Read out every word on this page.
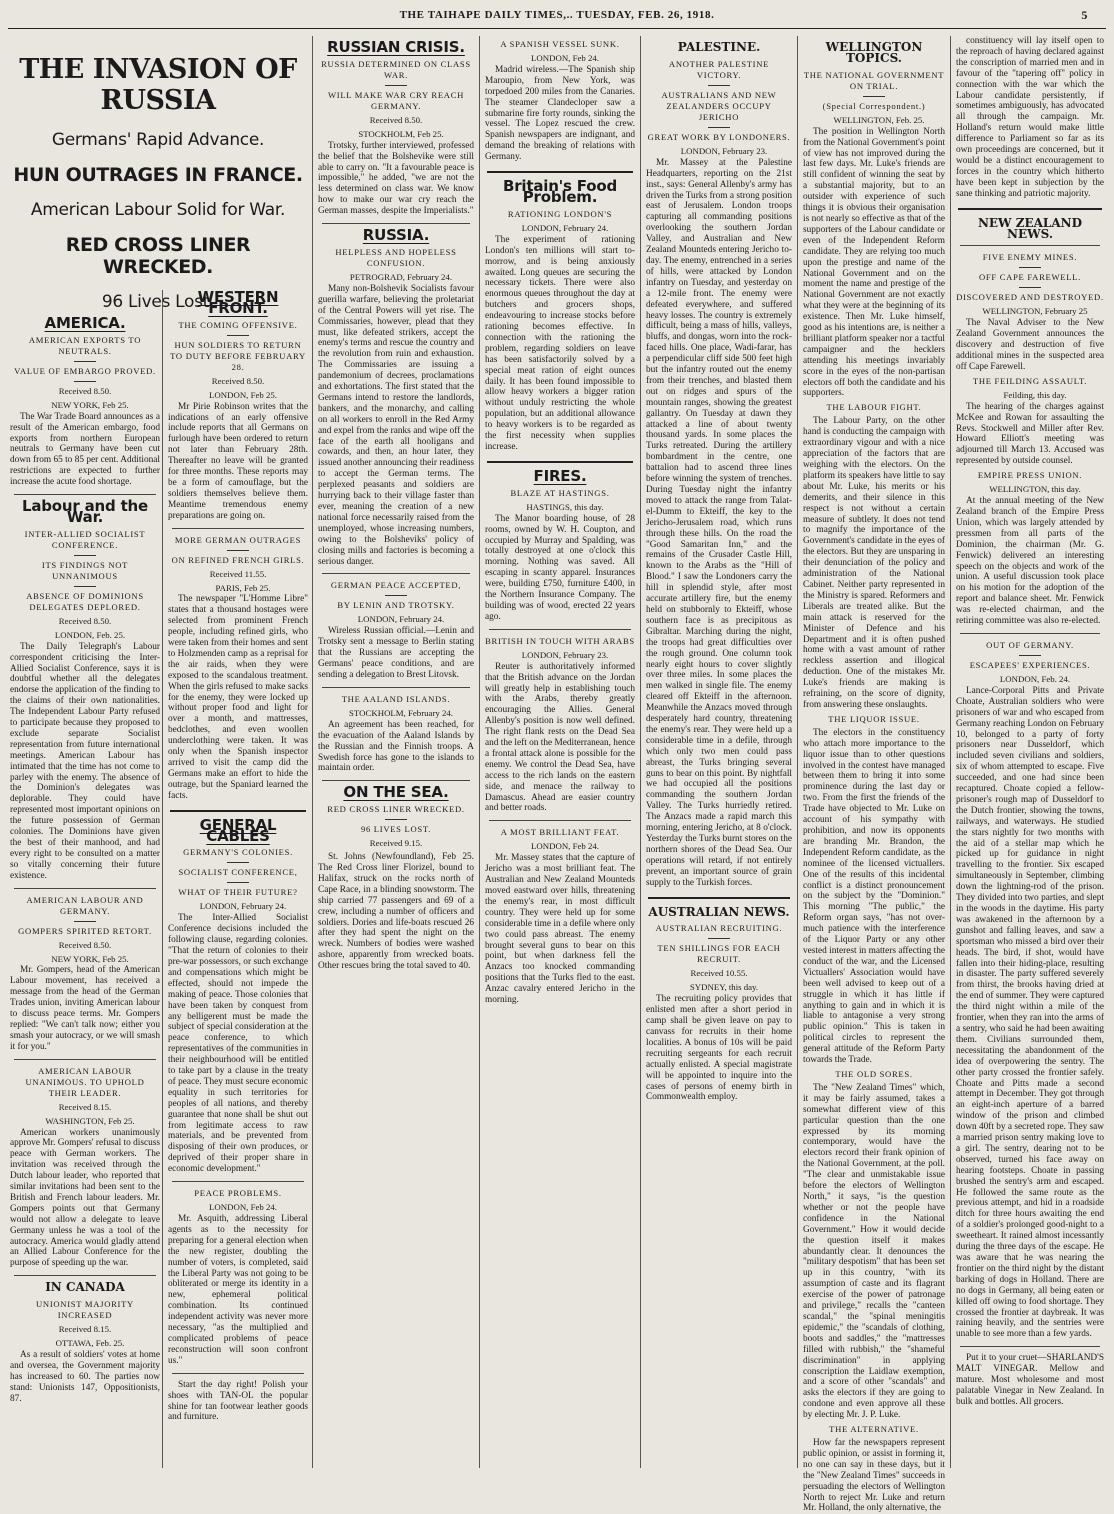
THE TAIHAPE DAILY TIMES,.. TUESDAY, FEB. 26, 1918.	5
AMERICA.
AMERICAN EXPORTS TO NEUTRALS.
VALUE OF EMBARGO PROVED.
Received 8.50.
NEW YORK, Feb 25.

The War Trade Board announces as a result of the American embargo, food exports from northern European neutrals to Germany have been cut down from 65 to 85 per cent. Additional restrictions are expected to further increase the acute food shortage.

Labour and the War.
INTER-ALLIED SOCIALIST CONFERENCE.
ITS FINDINGS NOT UNNANIMOUS
ABSENCE OF DOMINIONS DELEGATES DEPLORED.
Received 8.50.
LONDON, Feb. 25.

The Daily Telegraph's Labour correspondent criticising the Inter-Allied Socialist Conference, says it is doubtful whether all the delegates endorse the application of the finding to the claims of their own nationalities. The Independent Labour Party refused to participate because they proposed to exclude separate Socialist representation from future international meetings. American Labour has intimated that the time has not come to parley with the enemy. The absence of the Dominion's delegates was deplorable. They could have represented most important opinions on the future possession of German colonies. The Dominions have given the best of their manhood, and had every right to be consulted on a matter so vitally concerning their future existence.

AMERICAN LABOUR AND GERMANY.
GOMPERS SPIRITED RETORT.
Received 8.50.
NEW YORK, Feb 25.

Mr. Gompers, head of the American Labour movement, has received a message from the head of the German Trades union, inviting American labour to discuss peace terms. Mr. Gompers replied: "We can't talk now; either you smash your autocracy, or we will smash it for you."

AMERICAN LABOUR UNANIMOUS. TO UPHOLD THEIR LEADER.
Received 8.15.
WASHINGTON, Feb 25.

American workers unanimously approve Mr. Gompers' refusal to discuss peace with German workers. The invitation was received through the Dutch labour leader, who reported that similar invitations had been sent to the British and French labour leaders. Mr. Gompers points out that Germany would not allow a delegate to leave Germany unless he was a tool of the autocracy. America would gladly attend an Allied Labour Conference for the purpose of speeding up the war.

IN CANADA
UNIONIST MAJORITY INCREASED
Received 8.15.
OTTAWA, Feb. 25.

As a result of soldiers' votes at home and oversea, the Government majority has increased to 60. The parties now stand: Unionists 147, Oppositionists, 87.

THE INVASION OF RUSSIA
Germans' Rapid Advance.
HUN OUTRAGES IN FRANCE.
American Labour Solid for War.
RED CROSS LINER WRECKED.
96 Lives Lost.
WESTERN FRONT.
THE COMING OFFENSIVE.
HUN SOLDIERS TO RETURN TO DUTY BEFORE FEBRUARY 28.
Received 8.50.
LONDON, Feb 25.

Mr Pirie Robinson writes that the indications of an early offensive include reports that all Germans on furlough have been ordered to return not later than February 28th. Thereafter no leave will be granted for three months. These reports may be a form of camouflage, but the soldiers themselves believe them. Meantime tremendous enemy preparations are going on.

MORE GERMAN OUTRAGES
ON REFINED FRENCH GIRLS.
Received 11.55.
PARIS, Feb 25.

The newspaper "L'Homme Libre" states that a thousand hostages were selected from prominent French people, including refined girls, who were taken from their homes and sent to Holzmenden camp as a reprisal for the air raids, when they were exposed to the scandalous treatment. When the girls refused to make sacks for the enemy, they were locked up without proper food and light for over a month, and mattresses, bedclothes, and even woollen underclothing were taken. It was only when the Spanish inspector arrived to visit the camp did the Germans make an effort to hide the outrage, but the Spaniard learned the facts.

GENERAL CABLES
GERMANY'S COLONIES.
SOCIALIST CONFERENCE,
WHAT OF THEIR FUTURE?
LONDON, February 24.

The Inter-Allied Socialist Conference decisions included the following clause, regarding colonies. "That the return of colonies to their pre-war possessors, or such exchange and compensations which might be effected, should not impede the making of peace. Those colonies that have been taken by conquest from any belligerent must be made the subject of special consideration at the peace conference, to which representatives of the communities in their neighbourhood will be entitled to take part by a clause in the treaty of peace. They must secure economic equality in such territories for peoples of all nations, and thereby guarantee that none shall be shut out from legitimate access to raw materials, and be prevented from disposing of their own produces, or deprived of their proper share in economic development."

PEACE PROBLEMS.
LONDON, Feb 24.

Mr. Asquith, addressing Liberal agents as to the necessity for preparing for a general election when the new register, doubling the number of voters, is completed, said the Liberal Party was not going to be obliterated or merge its identity in a new, ephemeral political combination. Its continued independent activity was never more necessary, "as the multiplied and complicated problems of peace reconstruction will soon confront us."

Start the day right! Polish your shoes with TAN-OL the popular shine for tan footwear leather goods and furniture.

RUSSIAN CRISIS.
RUSSIA DETERMINED ON CLASS WAR.
WILL MAKE WAR CRY REACH GERMANY.
Received 8.50.
STOCKHOLM, Feb 25.

Trotsky, further interviewed, professed the belief that the Bolshevike were still able to carry on. "It a favourable peace is impossible," he added, "we are not the less determined on class war. We know how to make our war cry reach the German masses, despite the Imperialists."

RUSSIA.
HELPLESS AND HOPELESS CONFUSION.
PETROGRAD, February 24.

Many non-Bolshevik Socialists favour guerilla warfare, believing the proletariat of the Central Powers will yet rise. The Commissaries, however, plead that they must, like defeated strikers, accept the enemy's terms and rescue the country and the revolution from ruin and exhaustion. The Commissaries are issuing a pandemonium of decrees, proclamations and exhortations. The first stated that the Germans intend to restore the landlords, bankers, and the monarchy, and calling on all workers to enroll in the Red Army and expel from the ranks and wipe off the face of the earth all hooligans and cowards, and then, an hour later, they issued another announcing their readiness to accept the German terms. The perplexed peasants and soldiers are hurrying back to their village faster than ever, meaning the creation of a new national force necessarily raised from the unemployed, whose increasing numbers, owing to the Bolsheviks' policy of closing mills and factories is becoming a serious danger.

GERMAN PEACE ACCEPTED,
BY LENIN AND TROTSKY.
LONDON, February 24.

Wireless Russian official.—Lenin and Trotsky sent a message to Berlin stating that the Russians are accepting the Germans' peace conditions, and are sending a delegation to Brest Litovsk.

THE AALAND ISLANDS.
STOCKHOLM, February 24.

An agreement has been reached, for the evacuation of the Aaland Islands by the Russian and the Finnish troops. A Swedish force has gone to the islands to maintain order.

ON THE SEA.
RED CROSS LINER WRECKED.
96 LIVES LOST.
Received 9.15.

St. Johns (Newfoundland), Feb 25. The Red Cross liner Florizel, bound to Halifax, struck on the rocks north of Cape Race, in a blinding snowstorm. The ship carried 77 passengers and 69 of a crew, including a number of officers and soldiers. Dories and life-boats rescued 26 after they had spent the night on the wreck. Numbers of bodies were washed ashore, apparently from wrecked boats. Other rescues bring the total saved to 40.

A SPANISH VESSEL SUNK.
LONDON, Feb 24.

Madrid wireless.—The Spanish ship Maroupio, from New York, was torpedoed 200 miles from the Canaries. The steamer Clandecloper saw a submarine fire forty rounds, sinking the vessel. The Lopez rescued the crew. Spanish newspapers are indignant, and demand the breaking of relations with Germany.

Britain's Food Problem.
RATIONING LONDON'S
LONDON, February 24.

The experiment of rationing London's ten millions will start to-morrow, and is being anxiously awaited. Long queues are securing the necessary tickets. There were also enormous queues throughout the day at butchers and grocers shops, endeavouring to increase stocks before rationing becomes effective. In connection with the rationing the problem, regarding soldiers on leave has been satisfactorily solved by a special meat ration of eight ounces daily. It has been found impossible to allow heavy workers a bigger ration without unduly restricting the whole population, but an additional allowance to heavy workers is to be regarded as the first necessity when supplies increase.

FIRES.
BLAZE AT HASTINGS.
HASTINGS, this day.

The Manor boarding house, of 28 rooms, owned by W. H. Coupton, and occupied by Murray and Spalding, was totally destroyed at one o'clock this morning. Nothing was saved. All escaping in scanty apparel. Insurances were, building £750, furniture £400, in the Northern Insurance Company. The building was of wood, erected 22 years ago.

BRITISH IN TOUCH WITH ARABS
LONDON, February 23.

Reuter is authoritatively informed that the British advance on the Jordan will greatly help in establishing touch with the Arabs, thereby greatly encouraging the Allies. General Allenby's position is now well defined. The right flank rests on the Dead Sea and the left on the Mediterranean, hence a frontal attack alone is possible for the enemy. We control the Dead Sea, have access to the rich lands on the eastern side, and menace the railway to Damascus. Ahead are easier country and better roads.

A MOST BRILLIANT FEAT.
LONDON, Feb 24.

Mr. Massey states that the capture of Jericho was a most brilliant feat. The Australian and New Zealand Mounteds moved eastward over hills, threatening the enemy's rear, in most difficult country. They were held up for some considerable time in a defile where only two could pass abreast. The enemy brought several guns to bear on this point, but when darkness fell the Anzacs too knocked commanding positions that the Turks fled to the east. Anzac cavalry entered Jericho in the morning.

PALESTINE.
ANOTHER PALESTINE VICTORY.
AUSTRALIANS AND NEW ZEALANDERS OCCUPY JERICHO
GREAT WORK BY LONDONERS.
LONDON, February 23.

Mr. Massey at the Palestine Headquarters, reporting on the 21st inst., says: General Allenby's army has driven the Turks from a strong position east of Jerusalem. London troops capturing all commanding positions overlooking the southern Jordan Valley, and Australian and New Zealand Mounteds entering Jericho to-day. The enemy, entrenched in a series of hills, were attacked by London infantry on Tuesday, and yesterday on a 12-mile front. The enemy were defeated everywhere, and suffered heavy losses. The country is extremely difficult, being a mass of hills, valleys, bluffs, and dongas, worn into the rock-faced hills. One place, Wadi-farar, has a perpendicular cliff side 500 feet high but the infantry routed out the enemy from their trenches, and blasted them out on ridges and spurs of the mountain ranges, showing the greatest gallantry. On Tuesday at dawn they attacked a line of about twenty thousand yards. In some places the Turks retreated. During the artillery bombardment in the centre, one battalion had to ascend three lines before winning the system of trenches. During Tuesday night the infantry moved to attack the range from Talat-el-Dumm to Ekteiff, the key to the Jericho-Jerusalem road, which runs through these hills. On the road the "Good Samaritan Inn," and the remains of the Crusader Castle Hill, known to the Arabs as the "Hill of Blood." I saw the Londoners carry the hill in splendid style, after most accurate artillery fire, but the enemy held on stubbornly to Ekteiff, whose southern face is as precipitous as Gibraltar. Marching during the night, the troops had great difficulties over the rough ground. One column took nearly eight hours to cover slightly over three miles. In some places the men walked in single file. The enemy cleared off Ekteiff in the afternoon. Meanwhile the Anzacs moved through desperately hard country, threatening the enemy's rear. They were held up a considerable time in a defile, through which only two men could pass abreast, the Turks bringing several guns to bear on this point. By nightfall we had occupied all the positions commanding the southern Jordan Valley. The Turks hurriedly retired. The Anzacs made a rapid march this morning, entering Jericho, at 8 o'clock. Yesterday the Turks burnt stores on the northern shores of the Dead Sea. Our operations will retard, if not entirely prevent, an important source of grain supply to the Turkish forces.

AUSTRALIAN NEWS.
AUSTRALIAN RECRUITING.
TEN SHILLINGS FOR EACH RECRUIT.
Received 10.55.
SYDNEY, this day.

The recruiting policy provides that enlisted men after a short period in camp shall be given leave on pay to canvass for recruits in their home localities. A bonus of 10s will be paid recruiting sergeants for each recruit actually enlisted. A special magistrate will be appointed to inquire into the cases of persons of enemy birth in Commonwealth employ.

WELLINGTON TOPICS.
THE NATIONAL GOVERNMENT ON TRIAL.
(Special Correspondent.)
WELLINGTON, Feb. 25.

The position in Wellington North from the National Government's point of view has not improved during the last few days. Mr. Luke's friends are still confident of winning the seat by a substantial majority, but to an outsider with experience of such things it is obvious their organisation is not nearly so effective as that of the supporters of the Labour candidate or even of the Independent Reform candidate. They are relying too much upon the prestige and name of the National Government and on the moment the name and prestige of the National Government are not exactly what they were at the beginning of its existence. Then Mr. Luke himself, good as his intentions are, is neither a brilliant platform speaker nor a tactful campaigner and the hecklers attending his meetings invariably score in the eyes of the non-partisan electors off both the candidate and his supporters.

THE LABOUR FIGHT.

The Labour Party, on the other hand is conducting the campaign with extraordinary vigour and with a nice appreciation of the factors that are weighing with the electors. On the platform its speakers have little to say about Mr. Luke, his merits or his demerits, and their silence in this respect is not without a certain measure of subtlety. It does not tend to magnify the importance of the Government's candidate in the eyes of the electors. But they are unsparing in their denunciation of the policy and administration of the National Cabinet. Neither party represented in the Ministry is spared. Reformers and Liberals are treated alike. But the main attack is reserved for the Minister of Defence and his Department and it is often pushed home with a vast amount of rather reckless assertion and illogical deduction. One of the mistakes Mr. Luke's friends are making is refraining, on the score of dignity, from answering these onslaughts.

THE LIQUOR ISSUE.

The electors in the constituency who attach more importance to the liquor issue than to other questions involved in the contest have managed between them to bring it into some prominence during the last day or two. From the first the friends of the Trade have objected to Mr. Luke on account of his sympathy with prohibition, and now its opponents are branding Mr. Brandon, the Independent Reform candidate, as the nominee of the licensed victuallers. One of the results of this incidental conflict is a distinct pronouncement on the subject by the "Dominion." This morning "The public," the Reform organ says, "has not over-much patience with the interference of the Liquor Party or any other vested interest in matters affecting the conduct of the war, and the Licensed Victuallers' Association would have been well advised to keep out of a struggle in which it has little if anything to gain and in which it is liable to antagonise a very strong public opinion." This is taken in political circles to represent the general attitude of the Reform Party towards the Trade.

THE OLD SORES.

The "New Zealand Times" which, it may be fairly assumed, takes a somewhat different view of this particular question than the one expressed by its morning contemporary, would have the electors record their frank opinion of the National Government, at the poll. "The clear and unmistakable issue before the electors of Wellington North," it says, "is the question whether or not the people have confidence in the National Government." How it would decide the question itself it makes abundantly clear. It denounces the "military despotism" that has been set up in this country, "with its assumption of caste and its flagrant exercise of the power of patronage and privilege," recalls the "canteen scandal," the "spinal meningitis epidemic," the "scandals of clothing, boots and saddles," the "mattresses filled with rubbish," the "shameful discrimination" in applying conscription the Laidlaw exemption, and a score of other "scandals" and asks the electors if they are going to condone and even approve all these by electing Mr. J. P. Luke.

THE ALTERNATIVE.

How far the newspapers represent public opinion, or assist in forming it, no one can say in these days, but it the "New Zealand Times" succeeds in persuading the electors of Wellington North to reject Mr. Luke and return Mr. Holland, the only alternative, the

constituency will lay itself open to the reproach of having declared against the conscription of married men and in favour of the "tapering off" policy in connection with the war which the Labour candidate persistently, if sometimes ambiguously, has advocated all through the campaign. Mr. Holland's return would make little difference to Parliament so far as its own proceedings are concerned, but it would be a distinct encouragement to forces in the country which hitherto have been kept in subjection by the sane thinking and patriotic majority.

NEW ZEALAND NEWS.
FIVE ENEMY MINES.
OFF CAPE FAREWELL.
DISCOVERED AND DESTROYED.
WELLINGTON, February 25

The Naval Adviser to the New Zealand Government announces the discovery and destruction of five additional mines in the suspected area off Cape Farewell.

THE FEILDING ASSAULT.
Feilding, this day.

The hearing of the charges against McKee and Rowan for assaulting the Revs. Stockwell and Miller after Rev. Howard Elliott's meeting was adjourned till March 13. Accused was represented by outside counsel.

EMPIRE PRESS UNION.
WELLINGTON, this day.

At the annual meeting of the New Zealand branch of the Empire Press Union, which was largely attended by pressmen from all parts of the Dominion, the chairman (Mr. G. Fenwick) delivered an interesting speech on the objects and work of the union. A useful discussion took place on his motion for the adoption of the report and balance sheet. Mr. Fenwick was re-elected chairman, and the retiring committee was also re-elected.

OUT OF GERMANY.
ESCAPEES' EXPERIENCES.
LONDON, Feb. 24.

Lance-Corporal Pitts and Private Choate, Australian soldiers who were prisoners of war and who escaped from Germany reaching London on February 10, belonged to a party of forty prisoners near Dusseldorf, which included seven civilians and soldiers, six of whom attempted to escape. Five succeeded, and one had since been recaptured. Choate copied a fellow-prisoner's rough map of Dusseldorf to the Dutch frontier, showing the towns, railways, and waterways. He studied the stars nightly for two months with the aid of a stellar map which he picked up for guidance in night travelling to the frontier. Six escaped simultaneously in September, climbing down the lightning-rod of the prison. They divided into two parties, and slept in the woods in the daytime. His party was awakened in the afternoon by a gunshot and falling leaves, and saw a sportsman who missed a bird over their heads. The bird, if shot, would have fallen into their hiding-place, resulting in disaster. The party suffered severely from thirst, the brooks having dried at the end of summer. They were captured the third night within a mile of the frontier, when they ran into the arms of a sentry, who said he had been awaiting them. Civilians surrounded them, necessitating the abandonment of the idea of overpowering the sentry. The other party crossed the frontier safely. Choate and Pitts made a second attempt in December. They got through an eight-inch aperture of a barred window of the prison and climbed down 40ft by a secreted rope. They saw a married prison sentry making love to a girl. The sentry, dearing not to be observed, turned his face away on hearing footsteps. Choate in passing brushed the sentry's arm and escaped. He followed the same route as the previous attempt, and hid in a roadside ditch for three hours awaiting the end of a soldier's prolonged good-night to a sweetheart. It rained almost incessantly during the three days of the escape. He was aware that he was nearing the frontier on the third night by the distant barking of dogs in Holland. There are no dogs in Germany, all being eaten or killed off owing to food shortage. They crossed the frontier at daybreak. It was raining heavily, and the sentries were unable to see more than a few yards.

Put it to your cruet—SHARLAND'S MALT VINEGAR. Mellow and mature. Most wholesome and most palatable Vinegar in New Zealand. In bulk and bottles. All grocers.
